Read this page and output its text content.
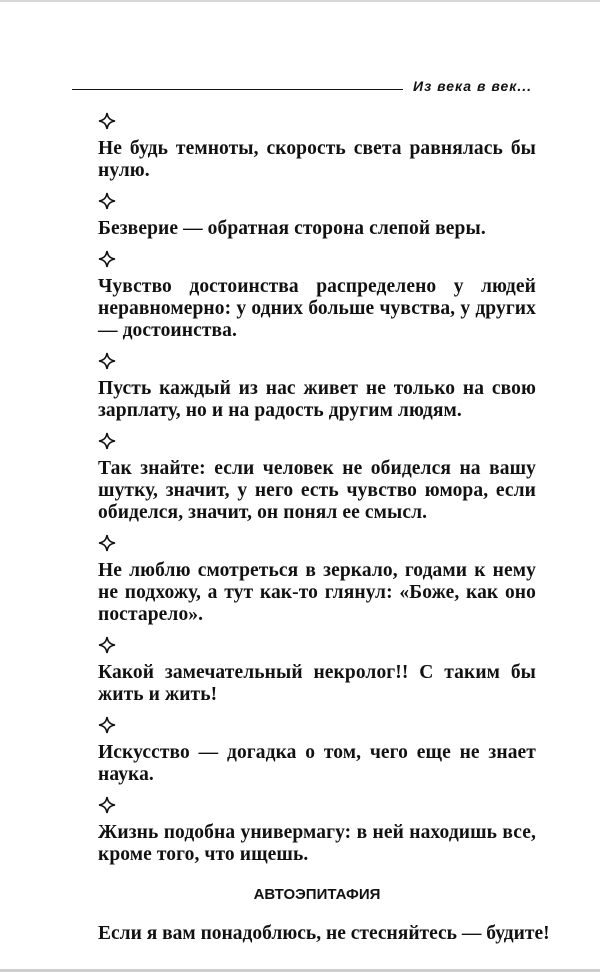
Из века в век...

Не будь темноты, скорость света равнялась бы нулю.

Безверие — обратная сторона слепой веры.

Чувство достоинства распределено у людей неравномерно: у одних больше чувства, у других — достоинства.

Пусть каждый из нас живет не только на свою зарплату, но и на радость другим людям.

Так знайте: если человек не обиделся на вашу шутку, значит, у него есть чувство юмора, если обиделся, значит, он понял ее смысл.

Не люблю смотреться в зеркало, годами к нему не подхожу, а тут как-то глянул: «Боже, как оно постарело».

Какой замечательный некролог!! С таким бы жить и жить!

Искусство — догадка о том, чего еще не знает наука.

Жизнь подобна универмагу: в ней находишь все, кроме того, что ищешь.

АВТОЭПИТАФИЯ

Если я вам понадоблюсь, не стесняйтесь — будите!
